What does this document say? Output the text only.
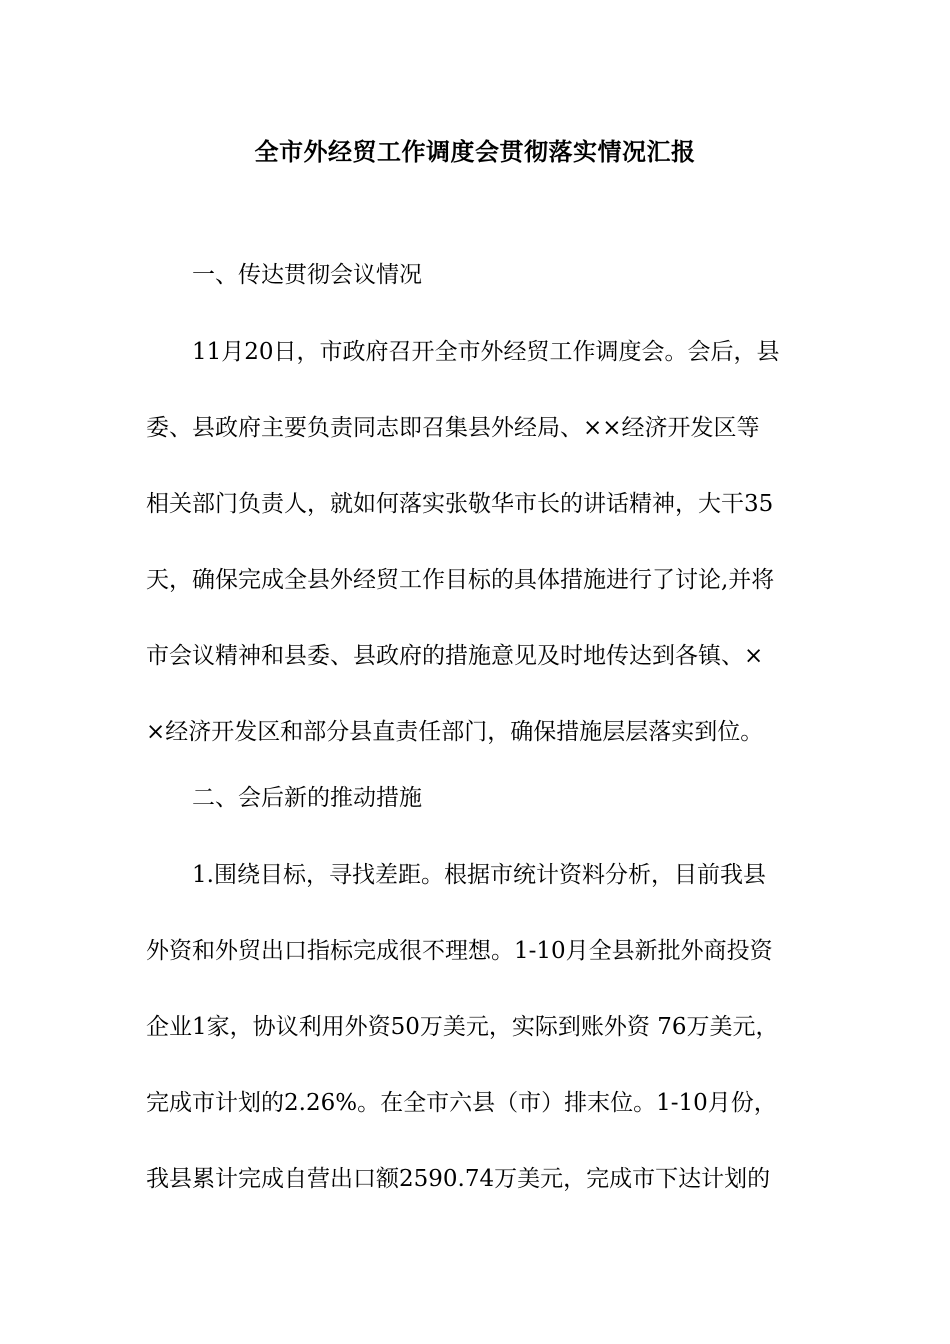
全市外经贸工作调度会贯彻落实情况汇报
一、传达贯彻会议情况
11月20日，市政府召开全市外经贸工作调度会。会后，县
委、县政府主要负责同志即召集县外经局、××经济开发区等
相关部门负责人，就如何落实张敬华市长的讲话精神，大干35
天，确保完成全县外经贸工作目标的具体措施进行了讨论,并将
市会议精神和县委、县政府的措施意见及时地传达到各镇、×
×经济开发区和部分县直责任部门，确保措施层层落实到位。
二、会后新的推动措施
1.围绕目标，寻找差距。根据市统计资料分析，目前我县
外资和外贸出口指标完成很不理想。1-10月全县新批外商投资
企业1家，协议利用外资50万美元，实际到账外资 76万美元，
完成市计划的2.26%。在全市六县（市）排末位。1-10月份，
我县累计完成自营出口额2590.74万美元，完成市下达计划的
